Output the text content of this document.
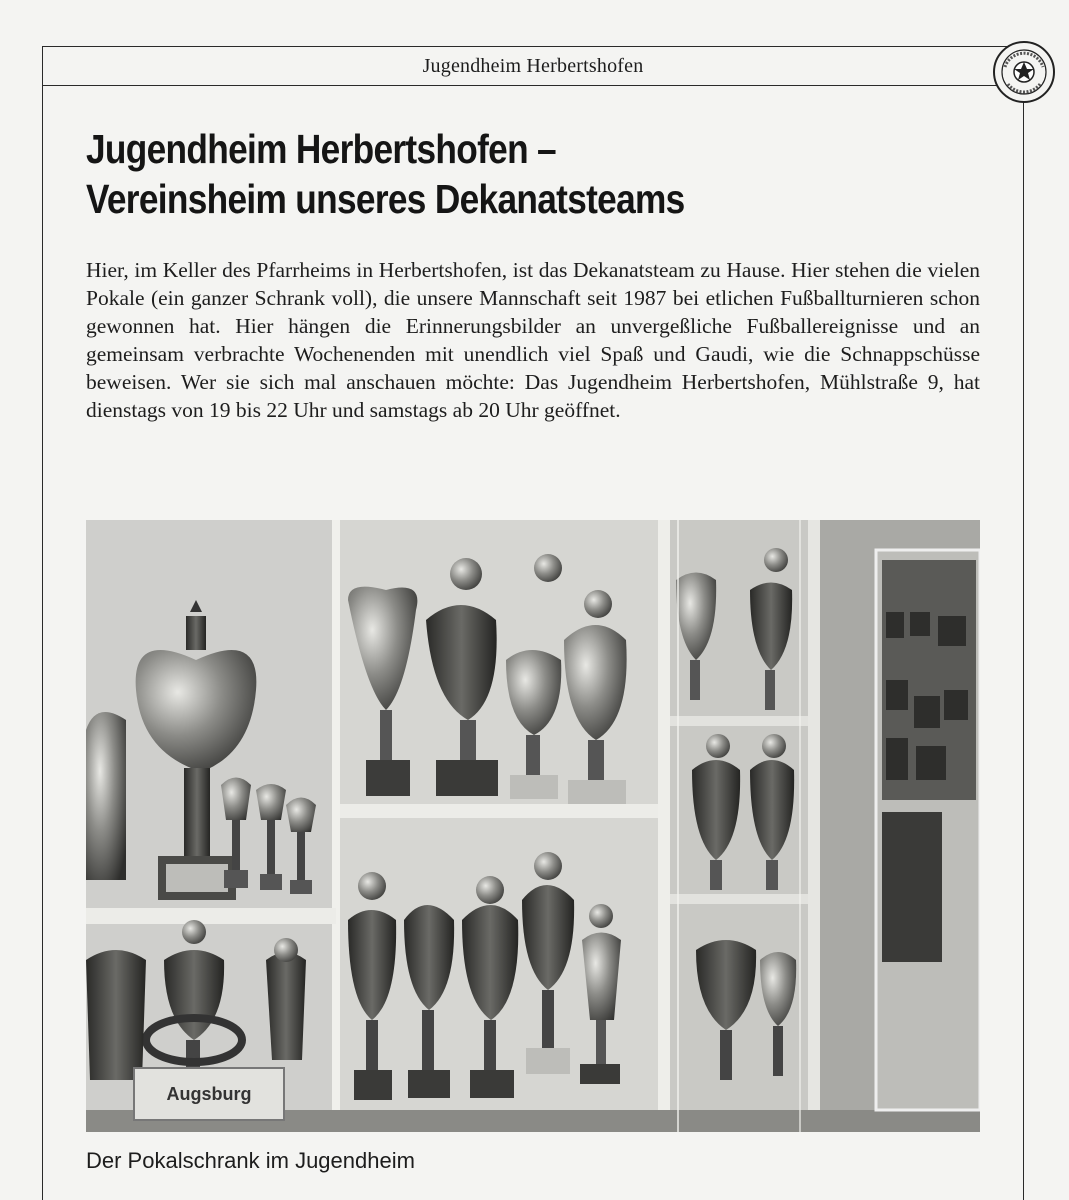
Jugendheim Herbertshofen
Jugendheim Herbertshofen –
Vereinsheim unseres Dekanatsteams
Hier, im Keller des Pfarrheims in Herbertshofen, ist das Dekanatsteam zu Hause. Hier stehen die vielen Pokale (ein ganzer Schrank voll), die unsere Mannschaft seit 1987 bei etlichen Fußballturnieren schon gewonnen hat. Hier hängen die Erinnerungsbilder an unvergeßliche Fußballereignisse und an gemeinsam verbrachte Wochenenden mit unendlich viel Spaß und Gaudi, wie die Schnappschüsse beweisen. Wer sie sich mal anschauen möchte: Das Jugendheim Herbertshofen, Mühlstraße 9, hat dienstags von 19 bis 22 Uhr und samstags ab 20 Uhr geöffnet.
Augsburg
Der Pokalschrank im Jugendheim
